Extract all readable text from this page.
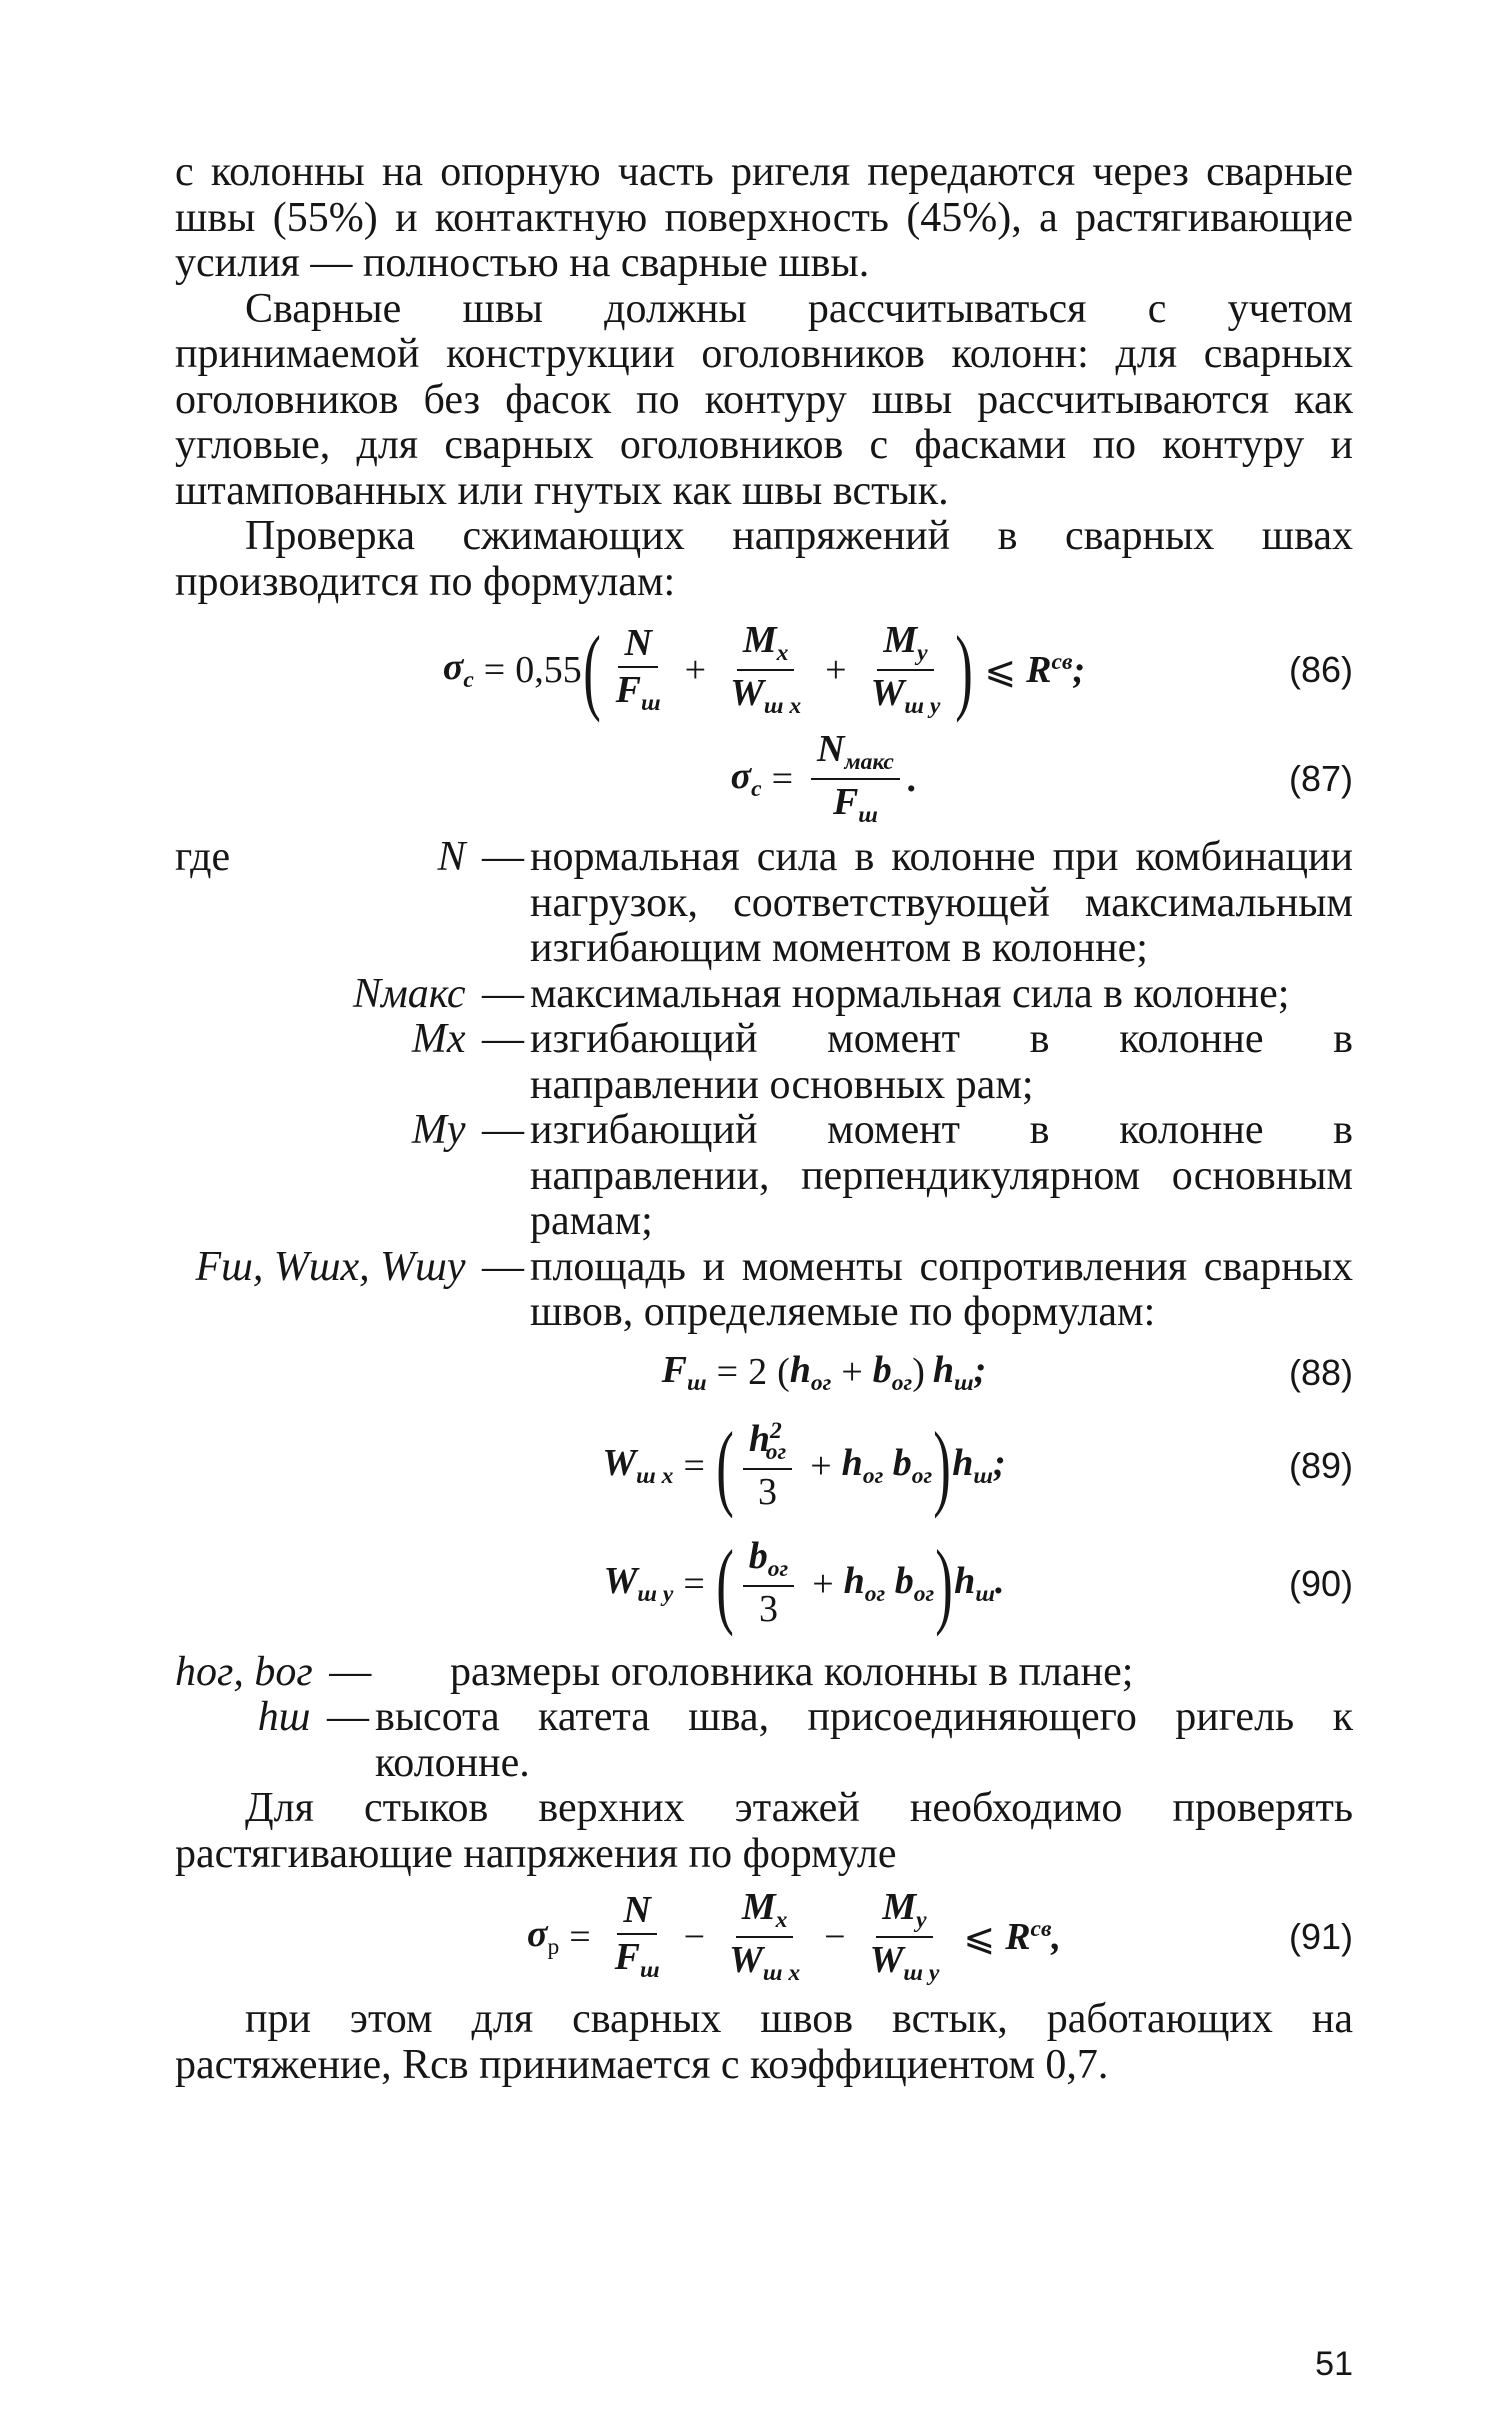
с колонны на опорную часть ригеля передаются через сварные швы (55%) и контактную поверхность (45%), а растягивающие усилия — полностью на сварные швы.

Сварные швы должны рассчитываться с учетом принимаемой конструкции оголовников колонн: для сварных оголовников без фасок по контуру швы рассчитываются как угловые, для сварных оголовников с фасками по контуру и штампованных или гнутых как швы встык.

Проверка сжимающих напряжений в сварных швах производится по формулам:

$\sigma_c = 0,55$ ( $\frac{N}{F_ш} + \frac{M_x}{W_{ш x}} + \frac{M_y}{W_{ш y}}$ ) ⩽ $R^{св}$;	(86)
$\sigma_c = \frac{N_{макс}}{F_ш}$ .	(87)
где	N — нормальная сила в колонне при комбинации нагрузок, соответствующей максимальным изгибающим моментом в колонне;
Nмакс — максимальная нормальная сила в колонне;
Mx — изгибающий момент в колонне в направлении основных рам;
My — изгибающий момент в колонне в направлении, перпендикулярном основным рамам;
Fш, Wшx, Wшy — площадь и моменты сопротивления сварных швов, определяемые по формулам:
$F_ш = 2$ ( $h_{ог} + b_{ог}$ ) $h_ш$;	(88)
$W_{ш x}$ = ( $\frac{h^2_{ог}}{3} + h_{ог}$ $b_{ог}$ ) $h_ш$;	(89)
$W_{ш y}$ = ( $\frac{b_{ог}}{3} + h_{ог}$ $b_{ог}$ ) $h_ш$.	(90)
hог, bог —	размеры оголовника колонны в плане;
hш — высота катета шва, присоединяющего ригель к колонне.

Для стыков верхних этажей необходимо проверять растягивающие напряжения по формуле

$\sigma_р = \frac{N}{F_ш} - \frac{M_x}{W_{ш x}} - \frac{M_y}{W_{ш y}}$ ⩽ $R^{св}$,	(91)

при этом для сварных швов встык, работающих на растяжение, Rсв принимается с коэффициентом 0,7.

51
